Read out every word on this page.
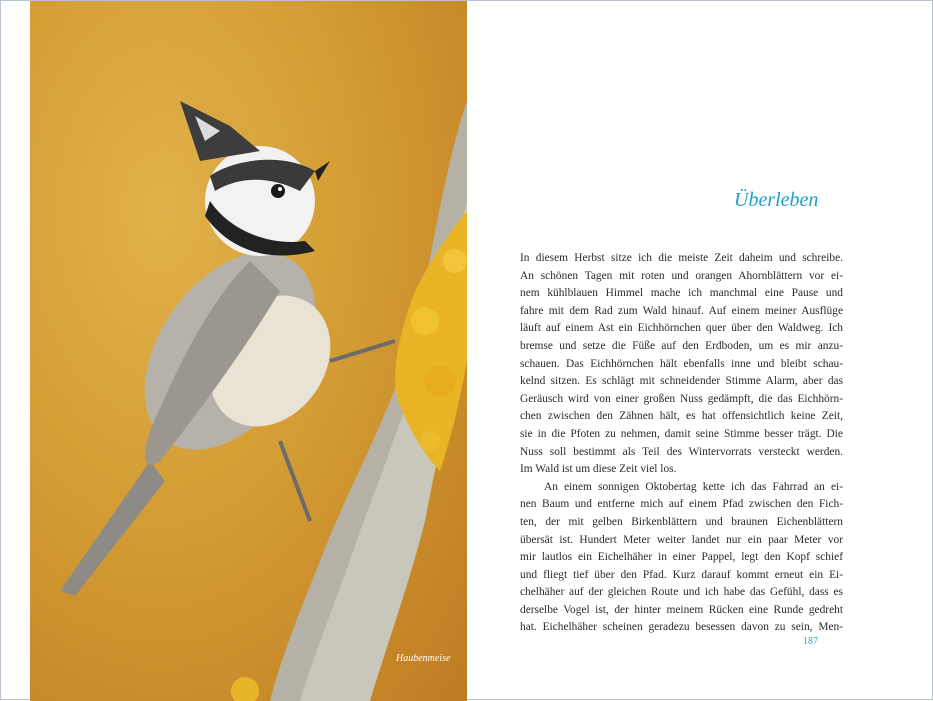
Haubenmeise
Überleben
In diesem Herbst sitze ich die meiste Zeit daheim und schreibe.
An schönen Tagen mit roten und orangen Ahornblättern vor ei-
nem kühlblauen Himmel mache ich manchmal eine Pause und
fahre mit dem Rad zum Wald hinauf. Auf einem meiner Ausflüge
läuft auf einem Ast ein Eichhörnchen quer über den Waldweg. Ich
bremse und setze die Füße auf den Erdboden, um es mir anzu-
schauen. Das Eichhörnchen hält ebenfalls inne und bleibt schau-
kelnd sitzen. Es schlägt mit schneidender Stimme Alarm, aber das
Geräusch wird von einer großen Nuss gedämpft, die das Eichhörn-
chen zwischen den Zähnen hält, es hat offensichtlich keine Zeit,
sie in die Pfoten zu nehmen, damit seine Stimme besser trägt. Die
Nuss soll bestimmt als Teil des Wintervorrats versteckt werden.
Im Wald ist um diese Zeit viel los.
An einem sonnigen Oktobertag kette ich das Fahrrad an ei-
nen Baum und entferne mich auf einem Pfad zwischen den Fich-
ten, der mit gelben Birkenblättern und braunen Eichenblättern
übersät ist. Hundert Meter weiter landet nur ein paar Meter vor
mir lautlos ein Eichelhäher in einer Pappel, legt den Kopf schief
und fliegt tief über den Pfad. Kurz darauf kommt erneut ein Ei-
chelhäher auf der gleichen Route und ich habe das Gefühl, dass es
derselbe Vogel ist, der hinter meinem Rücken eine Runde gedreht
hat. Eichelhäher scheinen geradezu besessen davon zu sein, Men-
187
